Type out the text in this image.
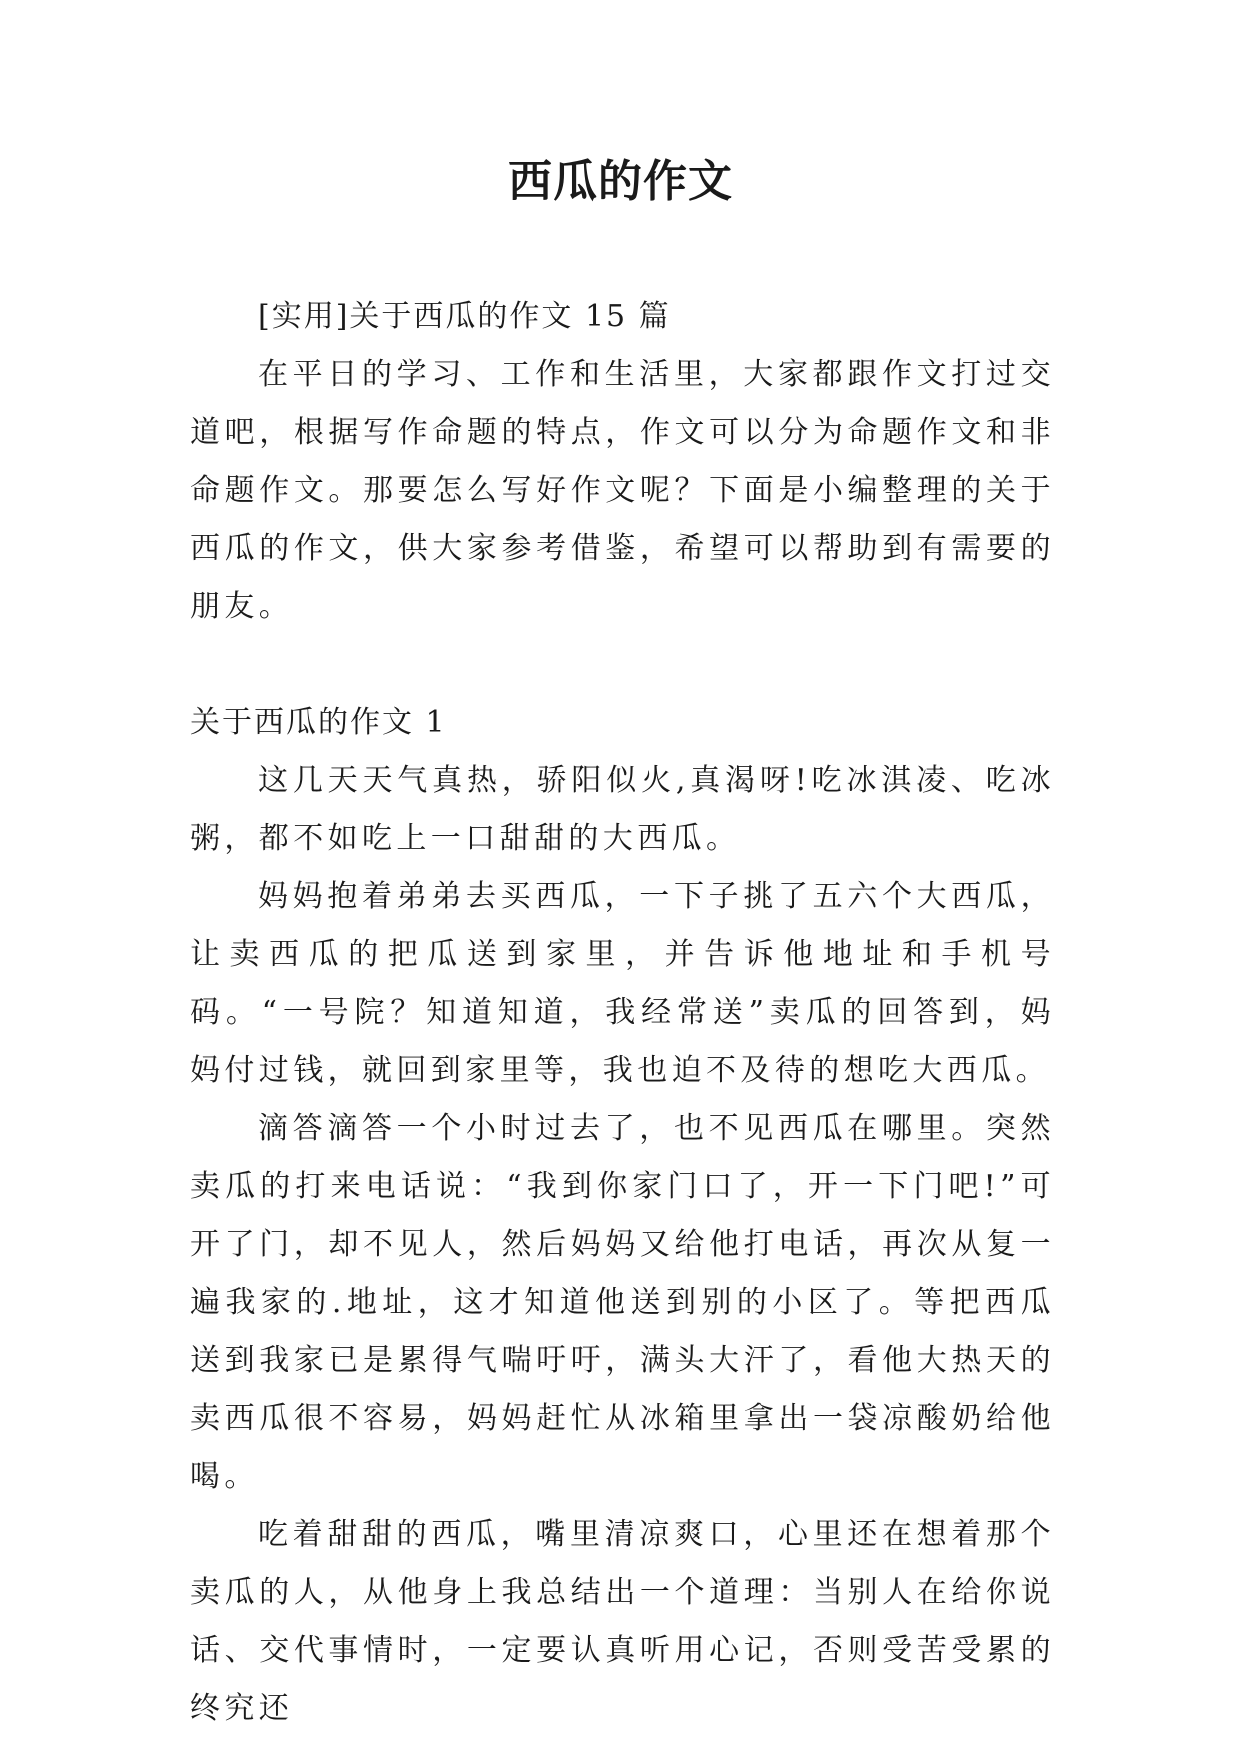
西瓜的作文

[实用]关于西瓜的作文 15 篇

在平日的学习、工作和生活里，大家都跟作文打过交道吧，根据写作命题的特点，作文可以分为命题作文和非命题作文。那要怎么写好作文呢？下面是小编整理的关于西瓜的作文，供大家参考借鉴，希望可以帮助到有需要的朋友。

关于西瓜的作文 1

这几天天气真热，骄阳似火,真渴呀!吃冰淇凌、吃冰粥，都不如吃上一口甜甜的大西瓜。

妈妈抱着弟弟去买西瓜，一下子挑了五六个大西瓜，让卖西瓜的把瓜送到家里，并告诉他地址和手机号码。“一号院？知道知道，我经常送”卖瓜的回答到，妈妈付过钱，就回到家里等，我也迫不及待的想吃大西瓜。

滴答滴答一个小时过去了，也不见西瓜在哪里。突然卖瓜的打来电话说：“我到你家门口了，开一下门吧!”可开了门，却不见人，然后妈妈又给他打电话，再次从复一遍我家的.地址，这才知道他送到别的小区了。等把西瓜送到我家已是累得气喘吁吁，满头大汗了，看他大热天的卖西瓜很不容易，妈妈赶忙从冰箱里拿出一袋凉酸奶给他喝。

吃着甜甜的西瓜，嘴里清凉爽口，心里还在想着那个卖瓜的人，从他身上我总结出一个道理：当别人在给你说话、交代事情时，一定要认真听用心记，否则受苦受累的终究还
